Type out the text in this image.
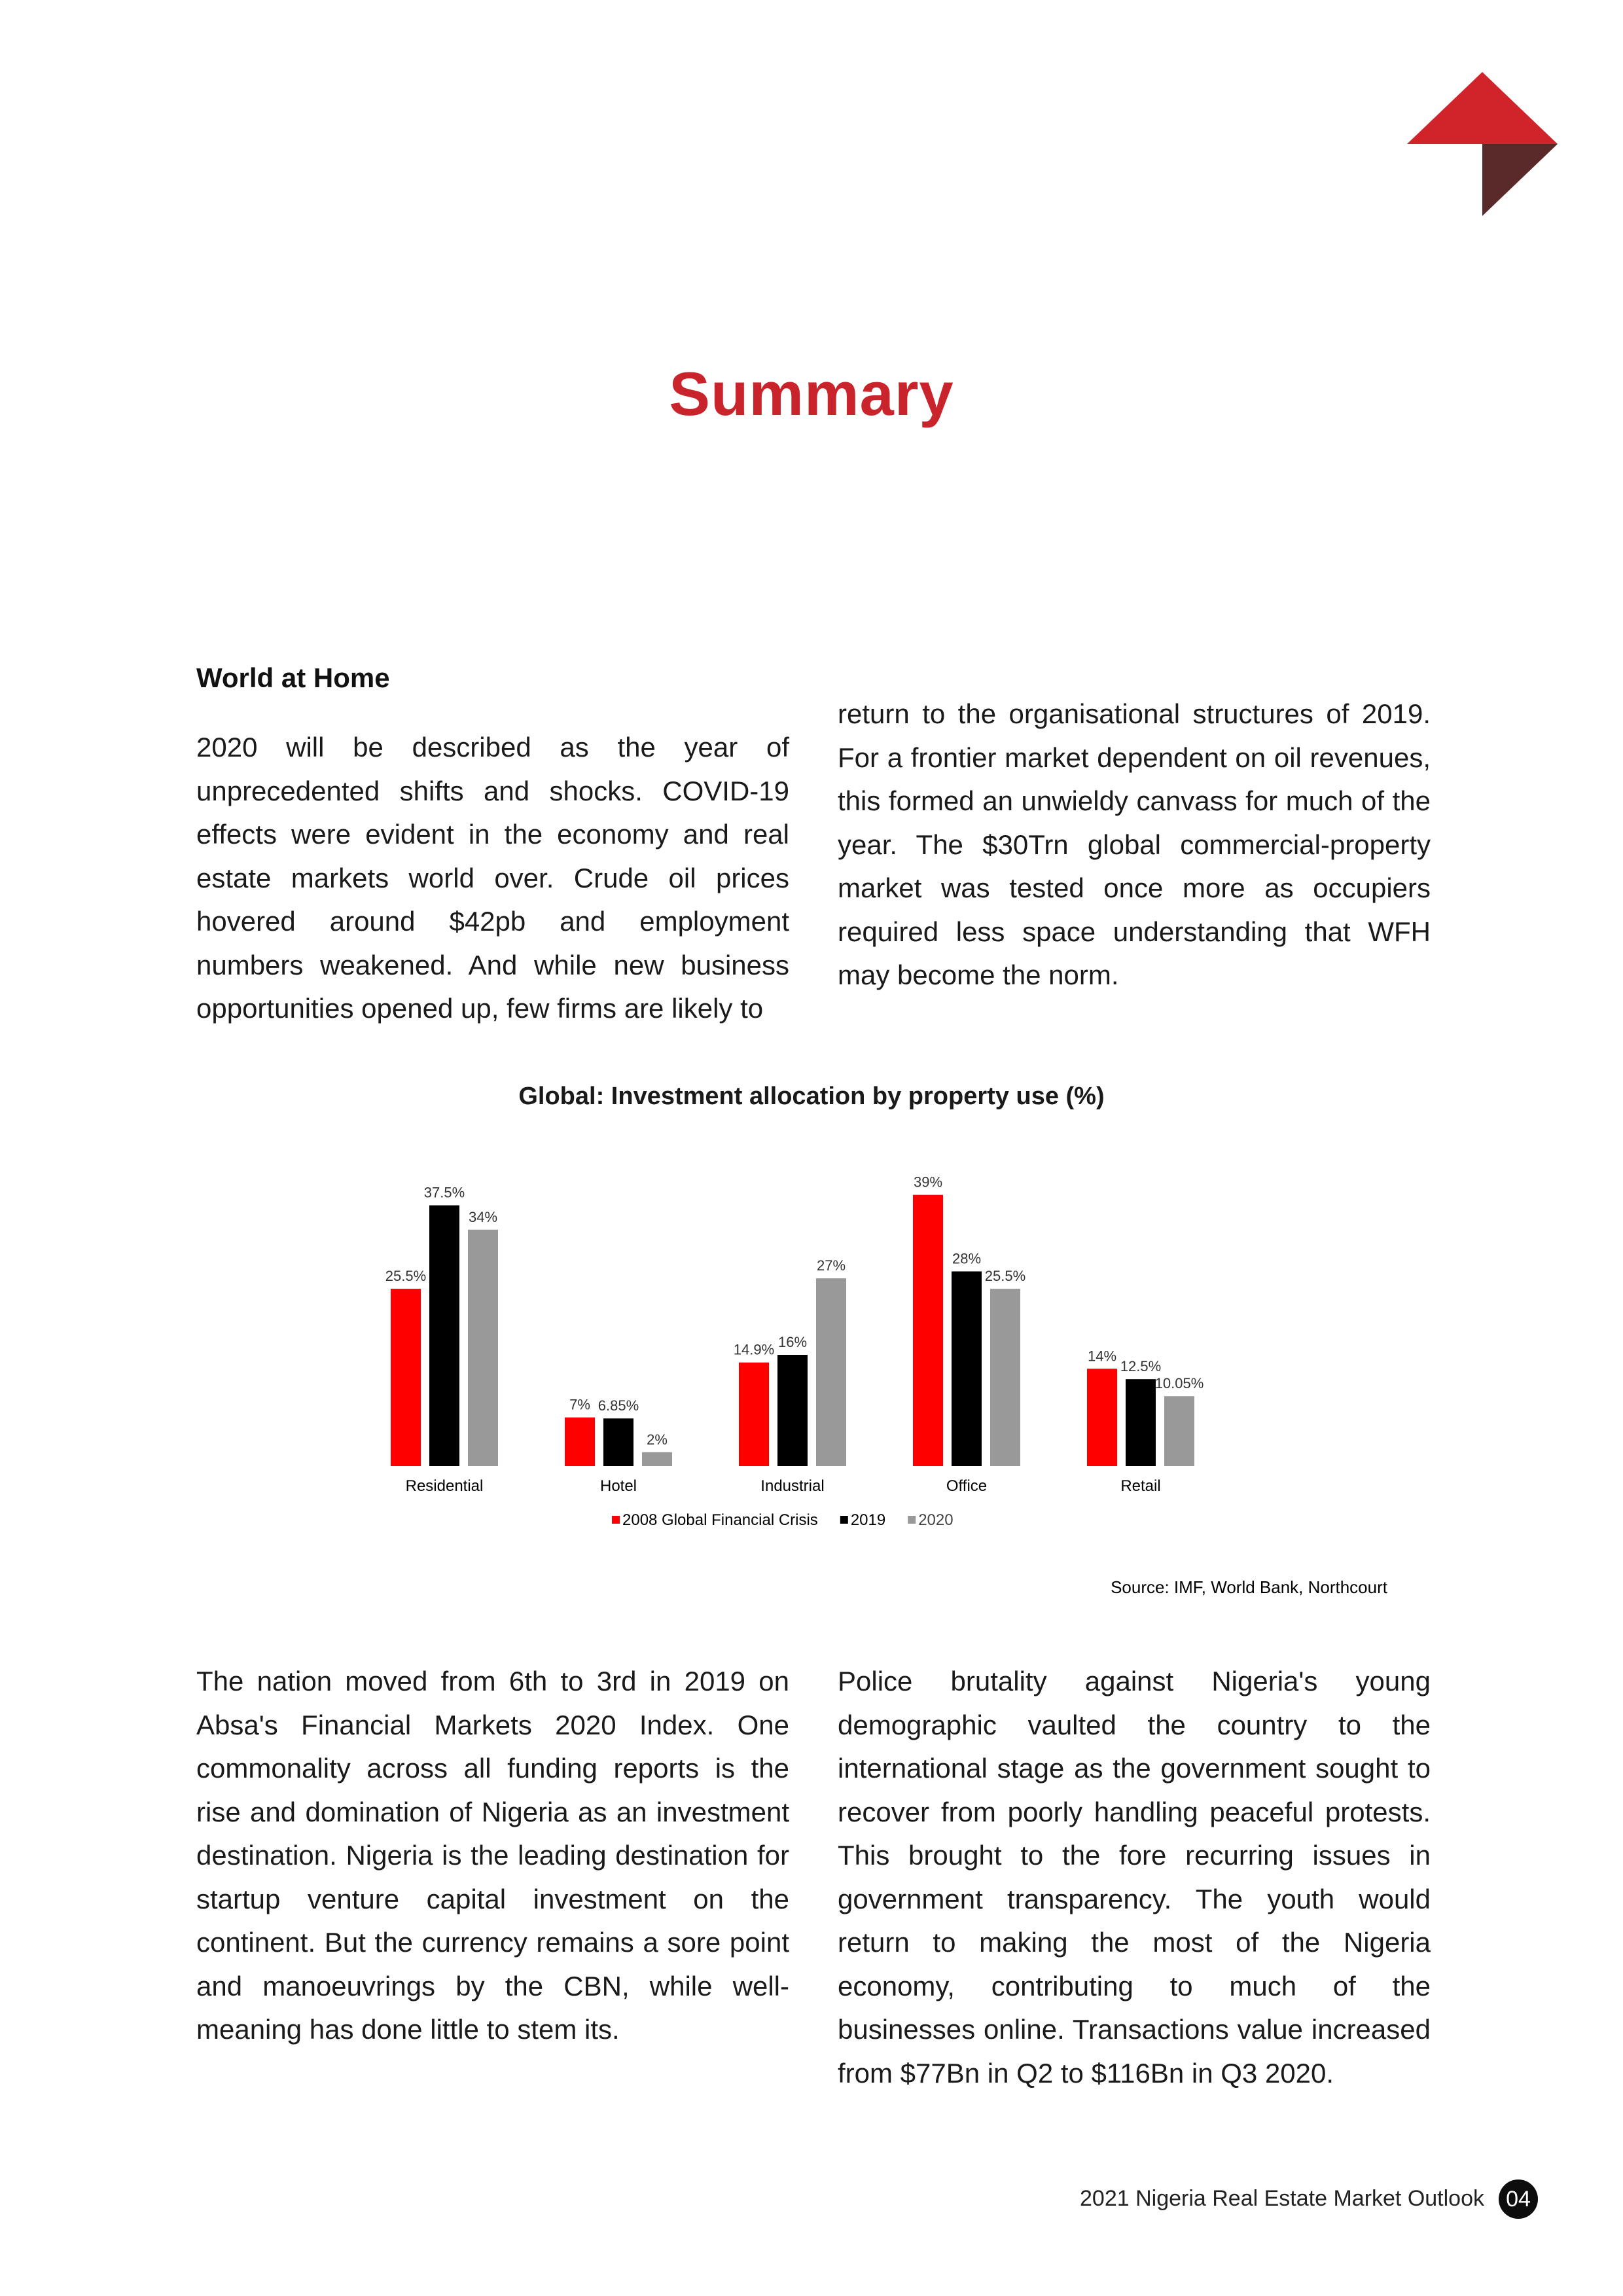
Summary
World at Home

2020 will be described as the year of unprecedented shifts and shocks. COVID-19 effects were evident in the economy and real estate markets world over. Crude oil prices hovered around $42pb and employment numbers weakened. And while new business opportunities opened up, few firms are likely to

return to the organisational structures of 2019. For a frontier market dependent on oil revenues, this formed an unwieldy canvass for much of the year. The $30Trn global commercial-property market was tested once more as occupiers required less space understanding that WFH may become the norm.

Global: Investment allocation by property use (%)
25.5%
37.5%
34%
Residential
7% 6.85%
2%
Hotel
14.9% 16%
27%
Industrial
39%
28%
25.5%
Office
14%
12.5%
10.05%
Retail
2008 Global Financial Crisis 2019 2020
Source: IMF, World Bank, Northcourt

The nation moved from 6th to 3rd in 2019 on Absa's Financial Markets 2020 Index. One commonality across all funding reports is the rise and domination of Nigeria as an investment destination. Nigeria is the leading destination for startup venture capital investment on the continent. But the currency remains a sore point and manoeuvrings by the CBN, while well-meaning has done little to stem its.

Police brutality against Nigeria's young demographic vaulted the country to the international stage as the government sought to recover from poorly handling peaceful protests. This brought to the fore recurring issues in government transparency. The youth would return to making the most of the Nigeria economy, contributing to much of the businesses online. Transactions value increased from $77Bn in Q2 to $116Bn in Q3 2020.

2021 Nigeria Real Estate Market Outlook 04
